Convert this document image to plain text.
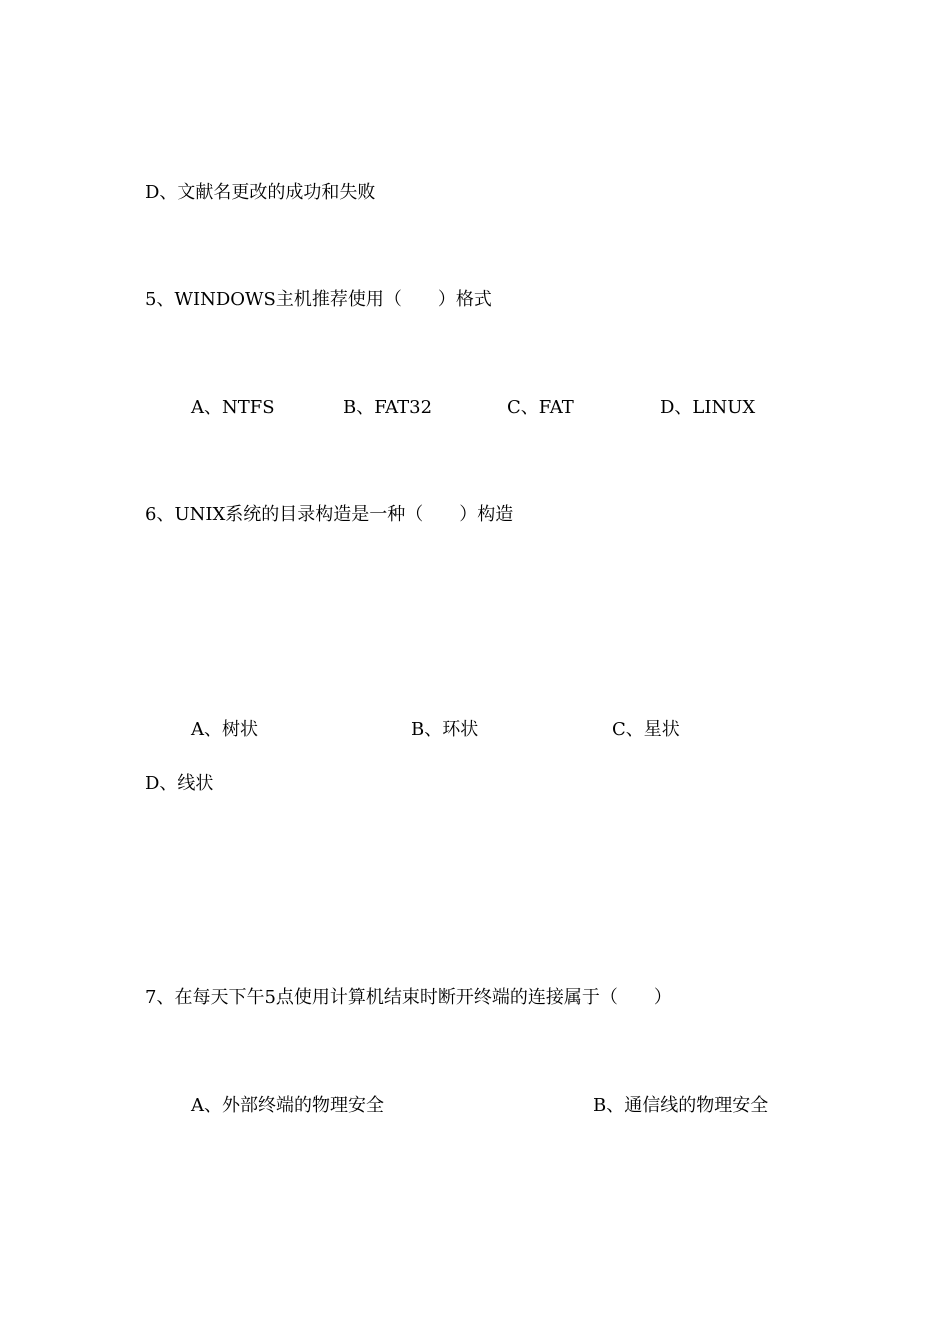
D、文献名更改的成功和失败
5、WINDOWS主机推荐使用（　　）格式
A、NTFS	B、FAT32	C、FAT	D、LINUX
6、UNIX系统的目录构造是一种（　　）构造
A、树状	B、环状	C、星状
D、线状
7、在每天下午5点使用计算机结束时断开终端的连接属于（　　）
A、外部终端的物理安全	B、通信线的物理安全
